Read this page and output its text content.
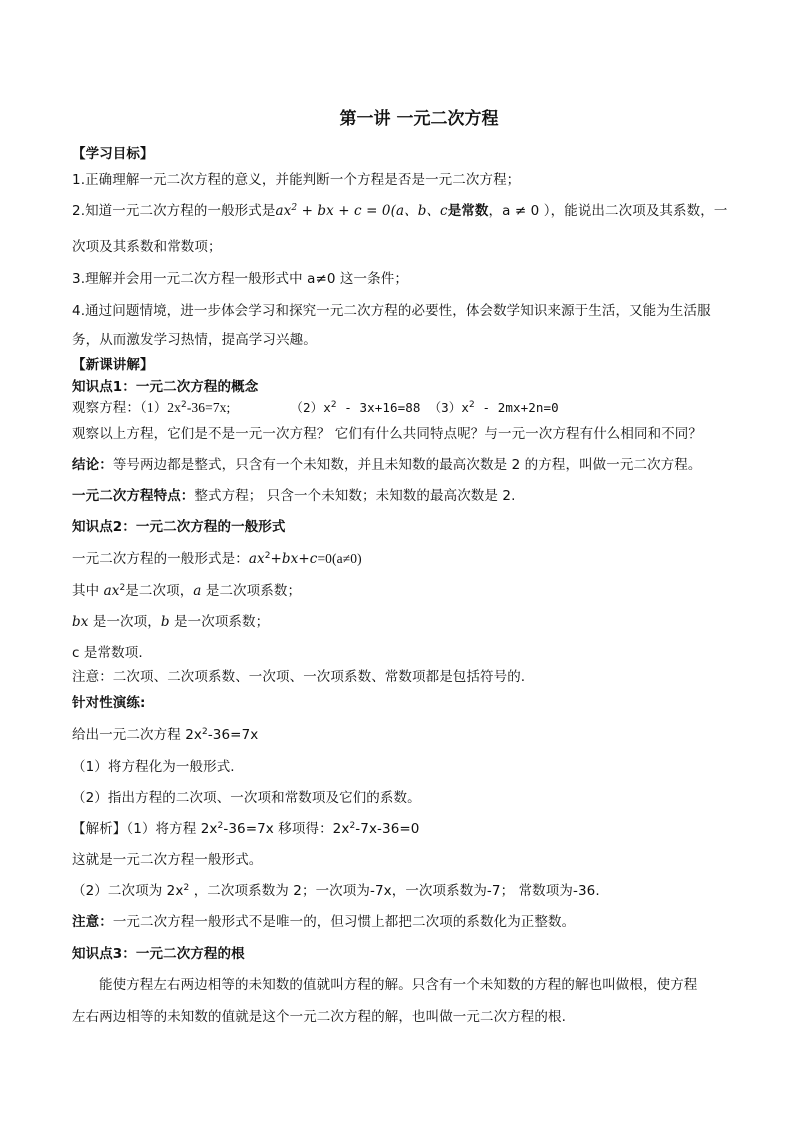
第一讲 一元二次方程
【学习目标】
1.正确理解一元二次方程的意义，并能判断一个方程是否是一元二次方程；
2.知道一元二次方程的一般形式是$ax^2$ + bx + c = 0(a、b、c是常数，a ≠ 0 ），能说出二次项及其系数，一
次项及其系数和常数项；
3.理解并会用一元二次方程一般形式中 a≠0 这一条件；
4.通过问题情境，进一步体会学习和探究一元二次方程的必要性，体会数学知识来源于生活，又能为生活服
务，从而激发学习热情，提高学习兴趣。
【新课讲解】
知识点1：一元二次方程的概念
观察方程：$(1)2x^2-36=7x$;	$(2)x^2 - 3x+16=88$ $(3)x^2 - 2mx+2n=0$
观察以上方程，它们是不是一元一次方程？ 它们有什么共同特点呢？与一元一次方程有什么相同和不同？
结论：等号两边都是整式，只含有一个未知数，并且未知数的最高次数是 2 的方程，叫做一元二次方程。
一元二次方程特点：整式方程； 只含一个未知数；未知数的最高次数是 2.
知识点2：一元二次方程的一般形式
一元二次方程的一般形式是：$ax^2+bx+c=0(a\ne 0)$
其中 $ax^2$是二次项，a 是二次项系数；
bx 是一次项，b 是一次项系数；
c 是常数项.
注意：二次项、二次项系数、一次项、一次项系数、常数项都是包括符号的.
针对性演练:
给出一元二次方程 $2x^2-36=7x$
（1）将方程化为一般形式.
（2）指出方程的二次项、一次项和常数项及它们的系数。
【解析】（1）将方程 $2x^2-36=7x$ 移项得：$2x^2-7x-36=0$
这就是一元二次方程一般形式。
（2）二次项为 $2x^2$ ，二次项系数为 2；一次项为-7x，一次项系数为-7； 常数项为-36.
注意：一元二次方程一般形式不是唯一的，但习惯上都把二次项的系数化为正整数。
知识点3：一元二次方程的根
能使方程左右两边相等的未知数的值就叫方程的解。只含有一个未知数的方程的解也叫做根，使方程
左右两边相等的未知数的值就是这个一元二次方程的解，也叫做一元二次方程的根.
